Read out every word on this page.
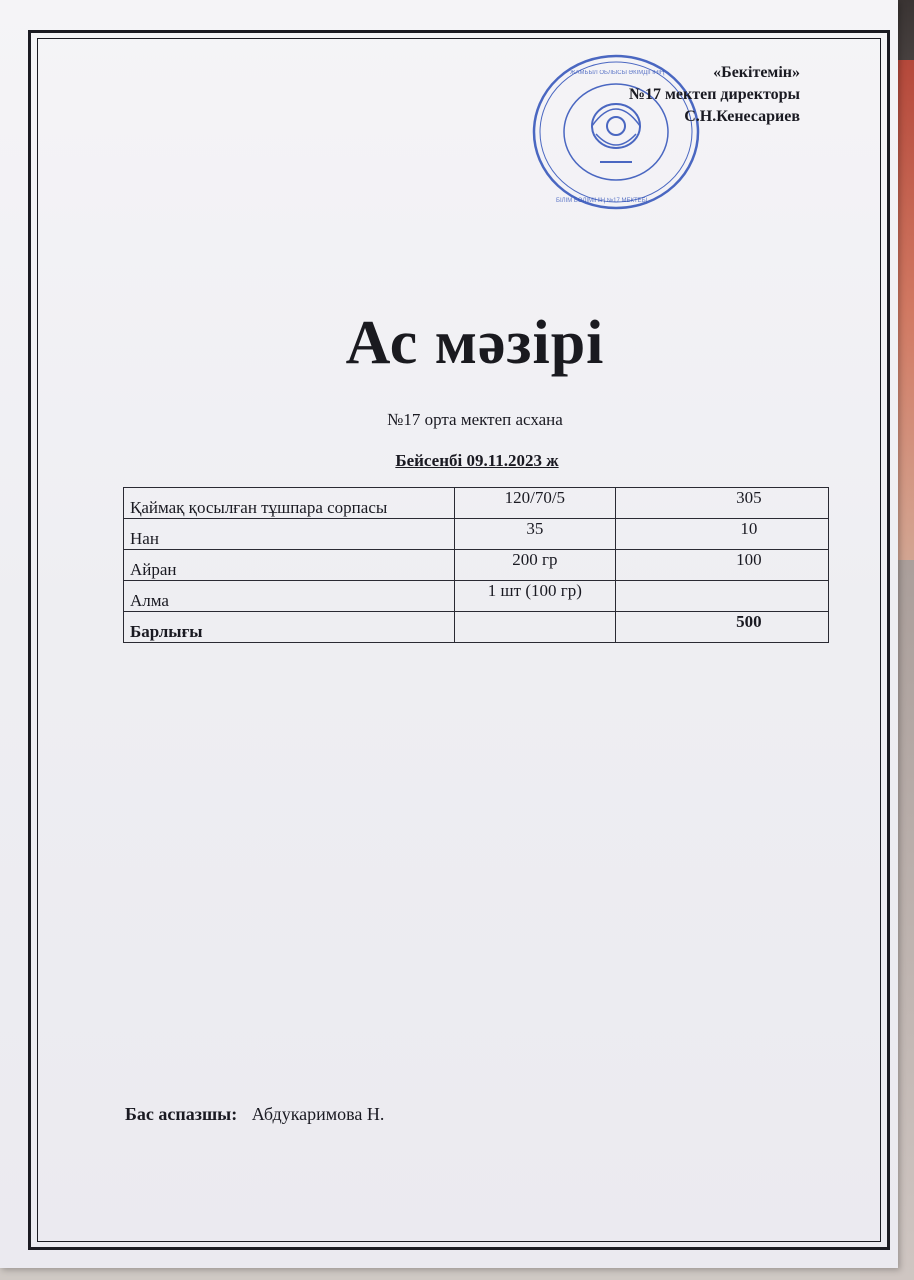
ЖАМБЫЛ ОБЛЫСЫ ӘКІМДІГІНІҢ
БІЛІМ БӨЛІМІНІҢ №17 МЕКТЕБІ
«Бекітемін»
№17 мектеп директоры
С.Н.Кенесариев
Ас мәзірі
№17 орта мектеп асхана
Бейсенбі 09.11.2023 ж
Қаймақ қосылған тұшпара сорпасы	120/70/5	305
Нан	35	10
Айран	200 гр	100
Алма	1 шт (100 гр)	
Барлығы		500
Бас аспазшы: Абдукаримова Н.
